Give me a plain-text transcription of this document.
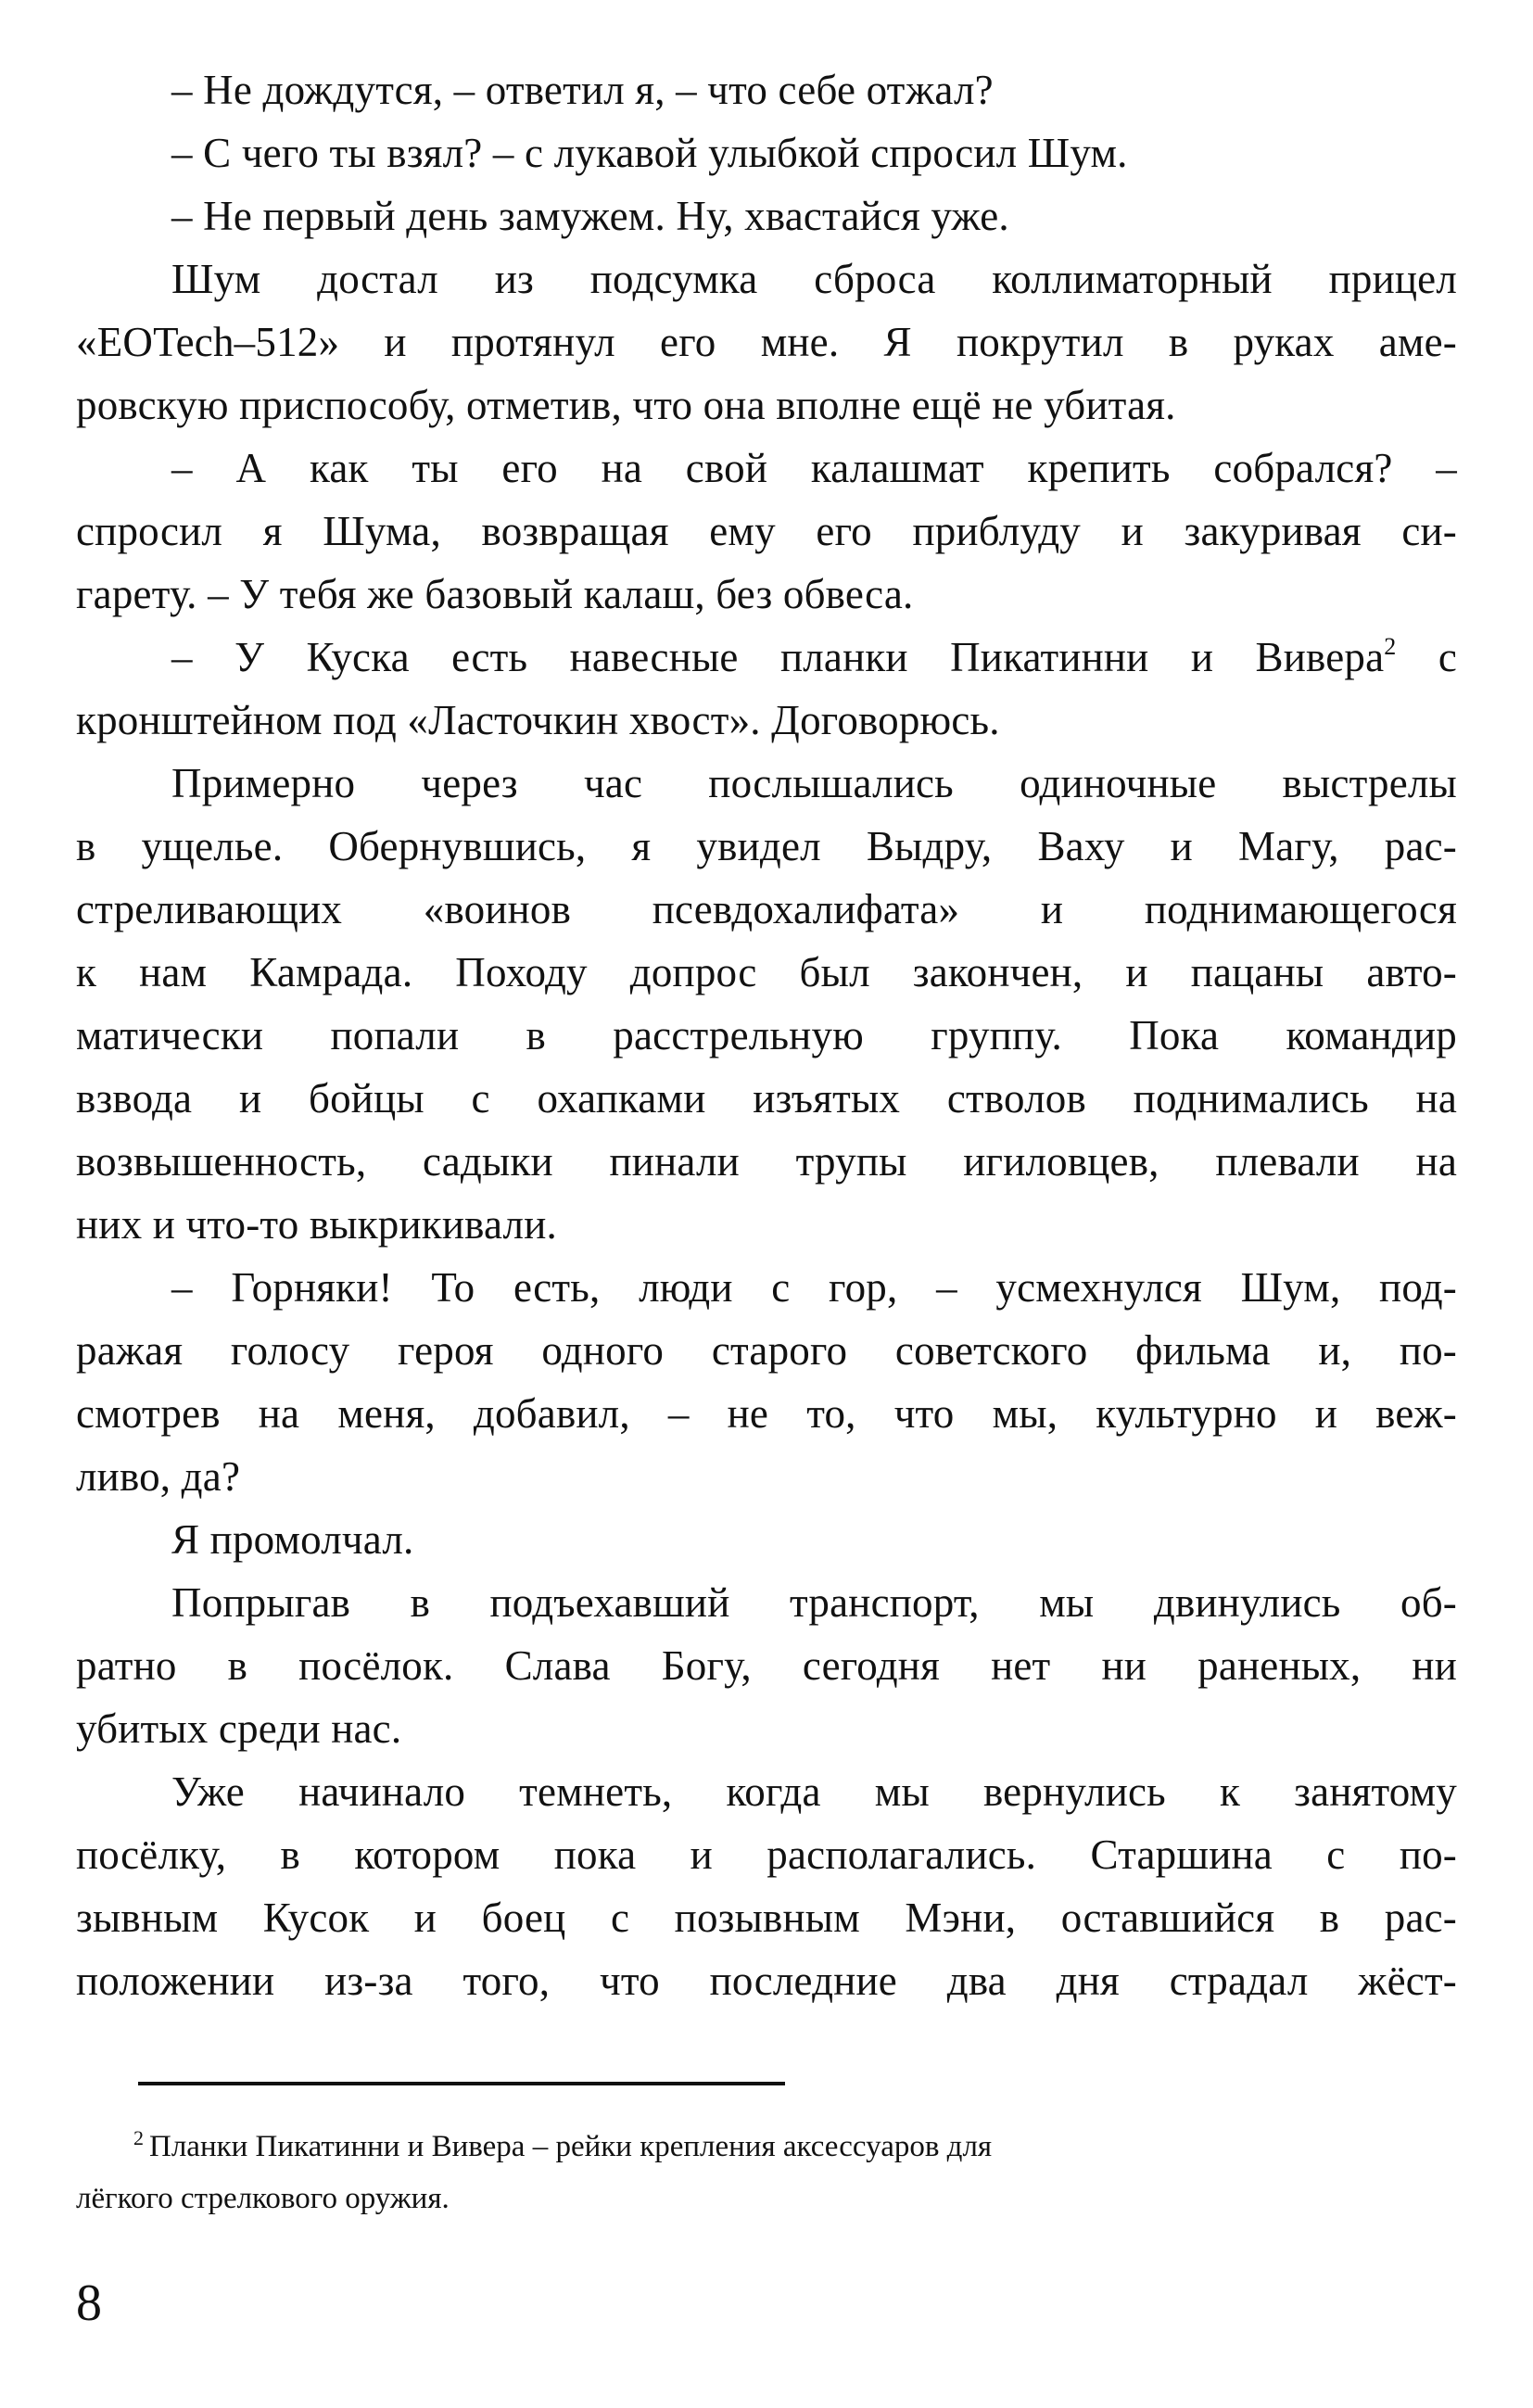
– Не дождутся, – ответил я, – что себе отжал?
– С чего ты взял? – с лукавой улыбкой спросил Шум.
– Не первый день замужем. Ну, хвастайся уже.
Шум достал из подсумка сброса коллиматорный прицел
«EOTech–512» и протянул его мне. Я покрутил в руках аме-
ровскую приспособу, отметив, что она вполне ещё не убитая.
– А как ты его на свой калашмат крепить собрался? –
спросил я Шума, возвращая ему его приблуду и закуривая си-
гарету. – У тебя же базовый калаш, без обвеса.
– У Куска есть навесные планки Пикатинни и Вивера$^2$ с
кронштейном под «Ласточкин хвост». Договорюсь.
Примерно через час послышались одиночные выстрелы
в ущелье. Обернувшись, я увидел Выдру, Ваху и Магу, рас-
стреливающих «воинов псевдохалифата» и поднимающегося
к нам Камрада. Походу допрос был закончен, и пацаны авто-
матически попали в расстрельную группу. Пока командир
взвода и бойцы с охапками изъятых стволов поднимались на
возвышенность, садыки пинали трупы игиловцев, плевали на
них и что-то выкрикивали.
– Горняки! То есть, люди с гор, – усмехнулся Шум, под-
ражая голосу героя одного старого советского фильма и, по-
смотрев на меня, добавил, – не то, что мы, культурно и веж-
ливо, да?
Я промолчал.
Попрыгав в подъехавший транспорт, мы двинулись об-
ратно в посёлок. Слава Богу, сегодня нет ни раненых, ни
убитых среди нас.
Уже начинало темнеть, когда мы вернулись к занятому
посёлку, в котором пока и располагались. Старшина с по-
зывным Кусок и боец с позывным Мэни, оставшийся в рас-
положении из-за того, что последние два дня страдал жёст-
$^2$ Планки Пикатинни и Вивера – рейки крепления аксессуаров для
лёгкого стрелкового оружия.
8
